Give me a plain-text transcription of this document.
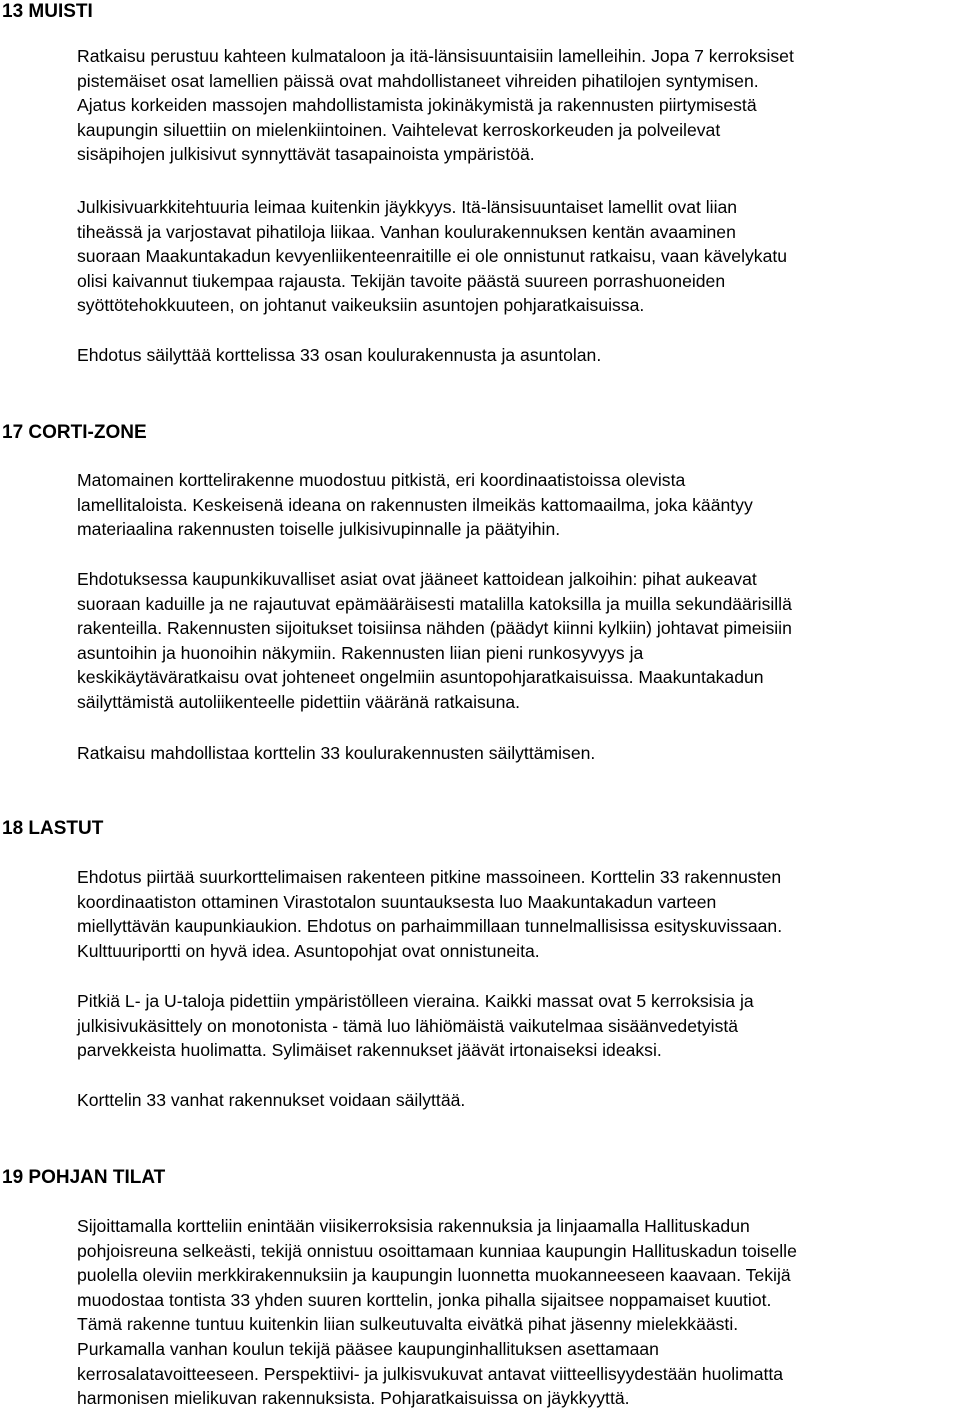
13 MUISTI

Ratkaisu perustuu kahteen kulmataloon ja itä-länsisuuntaisiin lamelleihin. Jopa 7 kerroksiset
pistemäiset osat lamellien päissä ovat mahdollistaneet vihreiden pihatilojen syntymisen.
Ajatus korkeiden massojen mahdollistamista jokinäkymistä ja rakennusten piirtymisestä
kaupungin siluettiin on mielenkiintoinen. Vaihtelevat kerroskorkeuden ja polveilevat
sisäpihojen julkisivut synnyttävät tasapainoista ympäristöä.

Julkisivuarkkitehtuuria leimaa kuitenkin jäykkyys. Itä-länsisuuntaiset lamellit ovat liian
tiheässä ja varjostavat pihatiloja liikaa. Vanhan koulurakennuksen kentän avaaminen
suoraan Maakuntakadun kevyenliikenteenraitille ei ole onnistunut ratkaisu, vaan kävelykatu
olisi kaivannut tiukempaa rajausta. Tekijän tavoite päästä suureen porrashuoneiden
syöttötehokkuuteen, on johtanut vaikeuksiin asuntojen pohjaratkaisuissa.

Ehdotus säilyttää korttelissa 33 osan koulurakennusta ja asuntolan.

17 CORTI-ZONE

Matomainen korttelirakenne muodostuu pitkistä, eri koordinaatistoissa olevista
lamellitaloista. Keskeisenä ideana on rakennusten ilmeikäs kattomaailma, joka kääntyy
materiaalina rakennusten toiselle julkisivupinnalle ja päätyihin.

Ehdotuksessa kaupunkikuvalliset asiat ovat jääneet kattoidean jalkoihin: pihat aukeavat
suoraan kaduille ja ne rajautuvat epämääräisesti matalilla katoksilla ja muilla sekundäärisillä
rakenteilla. Rakennusten sijoitukset toisiinsa nähden (päädyt kiinni kylkiin) johtavat pimeisiin
asuntoihin ja huonoihin näkymiin. Rakennusten liian pieni runkosyvyys ja
keskikäytäväratkaisu ovat johteneet ongelmiin asuntopohjaratkaisuissa. Maakuntakadun
säilyttämistä autoliikenteelle pidettiin vääränä ratkaisuna.

Ratkaisu mahdollistaa korttelin 33 koulurakennusten säilyttämisen.

18 LASTUT

Ehdotus piirtää suurkorttelimaisen rakenteen pitkine massoineen. Korttelin 33 rakennusten
koordinaatiston ottaminen Virastotalon suuntauksesta luo Maakuntakadun varteen
miellyttävän kaupunkiaukion. Ehdotus on parhaimmillaan tunnelmallisissa esityskuvissaan.
Kulttuuriportti on hyvä idea. Asuntopohjat ovat onnistuneita.

Pitkiä L- ja U-taloja pidettiin ympäristölleen vieraina. Kaikki massat ovat 5 kerroksisia ja
julkisivukäsittely on monotonista - tämä luo lähiömäistä vaikutelmaa sisäänvedetyistä
parvekkeista huolimatta. Sylimäiset rakennukset jäävät irtonaiseksi ideaksi.

Korttelin 33 vanhat rakennukset voidaan säilyttää.

19 POHJAN TILAT

Sijoittamalla kortteliin enintään viisikerroksisia rakennuksia ja linjaamalla Hallituskadun
pohjoisreuna selkeästi, tekijä onnistuu osoittamaan kunniaa kaupungin Hallituskadun toiselle
puolella oleviin merkkirakennuksiin ja kaupungin luonnetta muokanneeseen kaavaan. Tekijä
muodostaa tontista 33 yhden suuren korttelin, jonka pihalla sijaitsee noppamaiset kuutiot.
Tämä rakenne tuntuu kuitenkin liian sulkeutuvalta eivätkä pihat jäsenny mielekkäästi.
Purkamalla vanhan koulun tekijä pääsee kaupunginhallituksen asettamaan
kerrosalatavoitteeseen. Perspektiivi- ja julkisvukuvat antavat viitteellisyydestään huolimatta
harmonisen mielikuvan rakennuksista. Pohjaratkaisuissa on jäykkyyttä.
